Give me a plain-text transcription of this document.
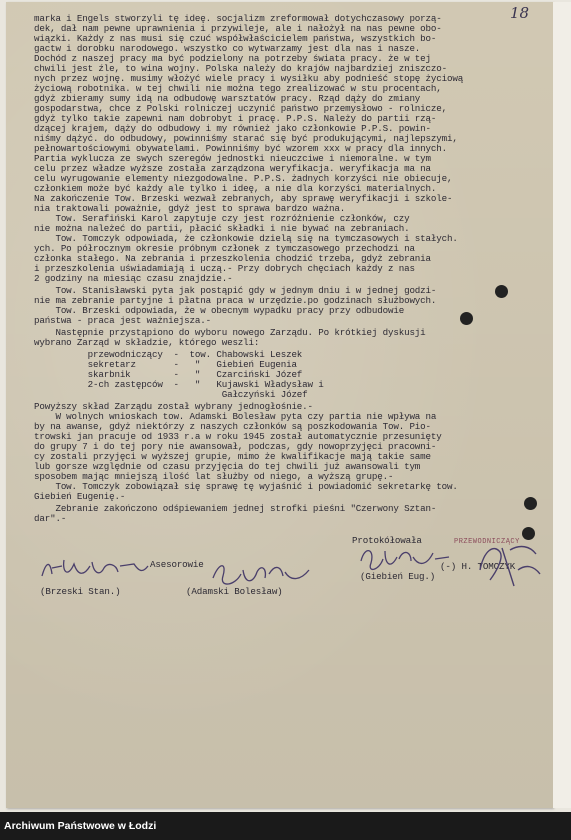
18
marka i Engels stworzyli tę ideę. socjalizm zreformował dotychczasowy porzą-
dek, dał nam pewne uprawnienia i przywileje, ale i nałożył na nas pewne obo-
wiązki. Każdy z nas musi się czuć współwłaścicielem państwa, wszystkich bo-
gactw i dorobku narodowego. wszystko co wytwarzamy jest dla nas i nasze.
Dochód z naszej pracy ma być podzielony na potrzeby świata pracy. że w tej
chwili jest źle, to wina wojny. Polska należy do krajów najbardziej zniszczo-
nych przez wojnę. musimy włożyć wiele pracy i wysiłku aby podnieść stopę życiową
życiową robotnika. w tej chwili nie można tego zrealizować w stu procentach,
gdyż zbieramy sumy idą na odbudowę warsztatów pracy. Rząd dąży do zmiany
gospodarstwa, chce z Polski rolniczej uczynić państwo przemysłowo - rolnicze,
gdyż tylko takie zapewni nam dobrobyt i pracę. P.P.S. Należy do partii rzą-
dzącej krajem, dąży do odbudowy i my również jako członkowie P.P.S. powin-
niśmy dążyć. do odbudowy, powinniśmy starać się być produkującymi, najlepszymi,
pełnowartościowymi obywatelami. Powinniśmy być wzorem xxx w pracy dla innych.
Partia wyklucza ze swych szeregów jednostki nieuczciwe i niemoralne. w tym
celu przez władze wyższe została zarządzona weryfikacja. weryfikacja ma na
celu wyrugowanie elementy niezgodowalne. P.P.S. żadnych korzyści nie obiecuje,
członkiem może być każdy ale tylko i ideę, a nie dla korzyści materialnych.
Na zakończenie Tow. Brzeski wezwał zebranych, aby sprawę weryfikacji i szkole-
nia traktowali poważnie, gdyż jest to sprawa bardzo ważna.
Tow. Serafiński Karol zapytuje czy jest rozróżnienie członków, czy
nie można należeć do partii, płacić składki i nie bywać na zebraniach.
Tow. Tomczyk odpowiada, że członkowie dzielą się na tymczasowych i stałych.
ych. Po półrocznym okresie próbnym członek z tymczasowego przechodzi na
członka stałego. Na zebrania i przeszkolenia chodzić trzeba, gdyż zebrania
i przeszkolenia uświadamiają i uczą.- Przy dobrych chęciach każdy z nas
2 godziny na miesiąc czasu znajdzie.-
Tow. Stanisławski pyta jak postąpić gdy w jednym dniu i w jednej godzi-
nie ma zebranie partyjne i płatna praca w urzędzie.po godzinach służbowych.
Tow. Brzeski odpowiada, że w obecnym wypadku pracy przy odbudowie
państwa - praca jest ważniejsza.-
Następnie przystąpiono do wyboru nowego Zarządu. Po krótkiej dyskusji
wybrano Zarząd w składzie, którego weszli:
przewodniczący  -  tow. Chabowski Leszek
sekretarz       -   "   Giebień Eugenia
skarbnik        -   "   Czarciński Józef
2-ch zastępców  -   "   Kujawski Władysław i
Gałczyński Józef
Powyższy skład Zarządu został wybrany jednogłośnie.-
W wolnych wnioskach tow. Adamski Bolesław pyta czy partia nie wpływa na
by na awanse, gdyż niektórzy z naszych członków są poszkodowania Tow. Pio-
trowski jan pracuje od 1933 r.a w roku 1945 został automatycznie przesunięty
do grupy 7 i do tej pory nie awansował, podczas, gdy nowoprzyjęci pracowni-
cy zostali przyjęci w wyższej grupie, mimo że kwalifikacje mają takie same
lub gorsze względnie od czasu przyjęcia do tej chwili już awansowali tym
sposobem mając mniejszą ilość lat służby od niego, a wyższą grupę.-
Tow. Tomczyk zobowiązał się sprawę tę wyjaśnić i powiadomić sekretarkę tow.
Giebień Eugenię.-
Zebranie zakończono odśpiewaniem jednej strofki pieśni "Czerwony Sztan-
dar".-
Asesorowie
Protokółowała	PRZEWODNICZĄCY
(Brzeski Stan.)	(Adamski Bolesław)
(Giebień Eug.)
(-) H. TOMCZYK
Archiwum Państwowe w Łodzi
